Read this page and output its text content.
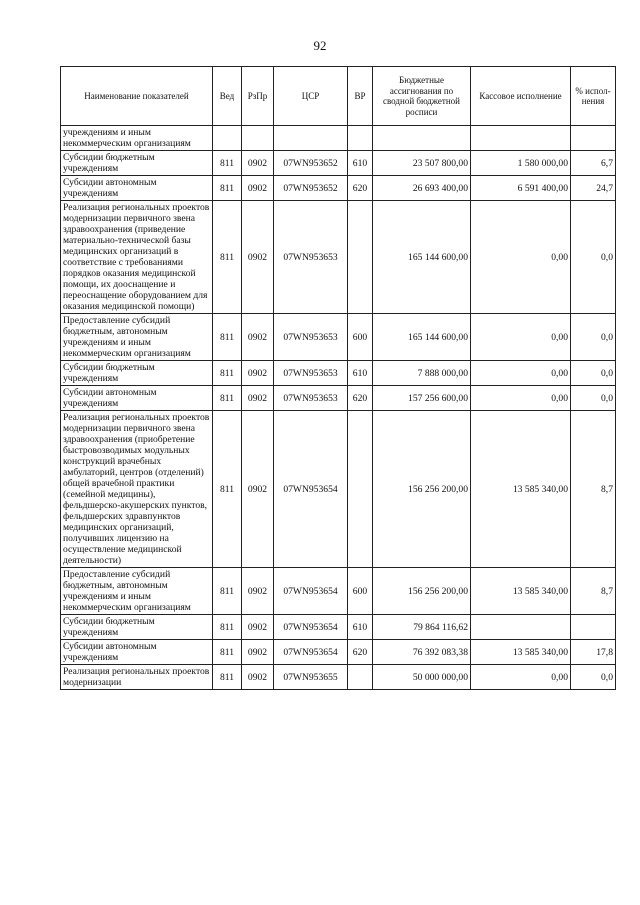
92
Наименование показателей	Вед	РзПр	ЦСР	ВР	Бюджетные ассигнования по сводной бюджетной росписи	Кассовое исполнение	% испол-нения
учреждениям и иным некоммерческим организациям							
Субсидии бюджетным учреждениям	811	0902	07WN953652	610	23 507 800,00	1 580 000,00	6,7
Субсидии автономным учреждениям	811	0902	07WN953652	620	26 693 400,00	6 591 400,00	24,7
Реализация региональных проектов модернизации первичного звена здравоохранения (приведение материально-технической базы медицинских организаций в соответствие с требованиями порядков оказания медицинской помощи, их дооснащение и переоснащение оборудованием для оказания медицинской помощи)	811	0902	07WN953653		165 144 600,00	0,00	0,0
Предоставление субсидий бюджетным, автономным учреждениям и иным некоммерческим организациям	811	0902	07WN953653	600	165 144 600,00	0,00	0,0
Субсидии бюджетным учреждениям	811	0902	07WN953653	610	7 888 000,00	0,00	0,0
Субсидии автономным учреждениям	811	0902	07WN953653	620	157 256 600,00	0,00	0,0
Реализация региональных проектов модернизации первичного звена здравоохранения (приобретение быстровозводимых модульных конструкций врачебных амбулаторий, центров (отделений) общей врачебной практики (семейной медицины), фельдшерско-акушерских пунктов, фельдшерских здравпунктов медицинских организаций, получивших лицензию на осуществление медицинской деятельности)	811	0902	07WN953654		156 256 200,00	13 585 340,00	8,7
Предоставление субсидий бюджетным, автономным учреждениям и иным некоммерческим организациям	811	0902	07WN953654	600	156 256 200,00	13 585 340,00	8,7
Субсидии бюджетным учреждениям	811	0902	07WN953654	610	79 864 116,62		
Субсидии автономным учреждениям	811	0902	07WN953654	620	76 392 083,38	13 585 340,00	17,8
Реализация региональных проектов модернизации	811	0902	07WN953655		50 000 000,00	0,00	0,0
